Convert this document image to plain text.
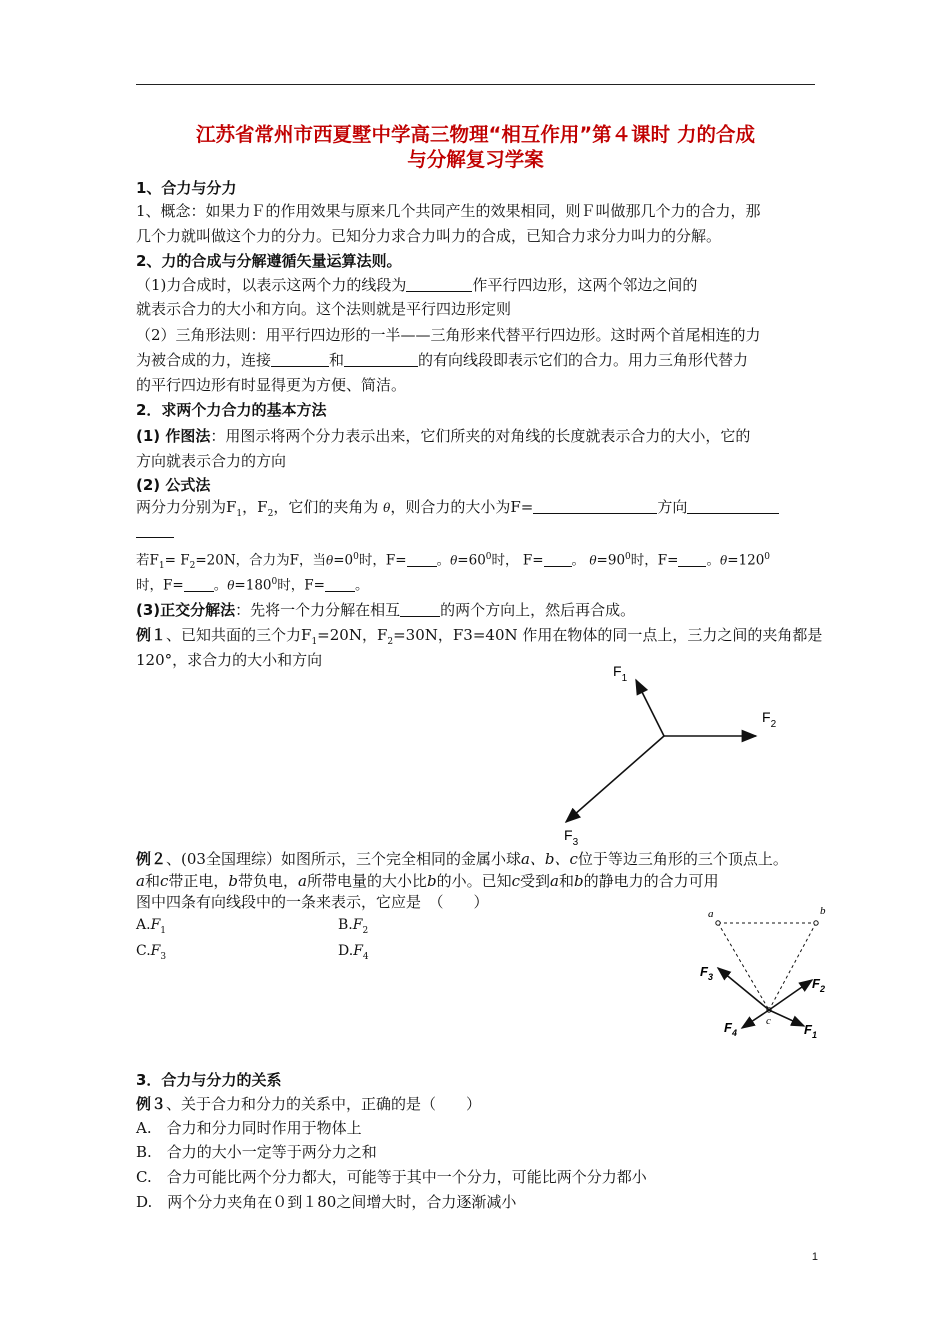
江苏省常州市西夏墅中学高三物理“相互作用”第４课时 力的合成
与分解复习学案
1、合力与分力
1、概念：如果力Ｆ的作用效果与原来几个共同产生的效果相同，则Ｆ叫做那几个力的合力，那
几个力就叫做这个力的分力。已知分力求合力叫力的合成，已知合力求分力叫力的分解。
2、力的合成与分解遵循矢量运算法则。
（1)力合成时，以表示这两个力的线段为	作平行四边形，这两个邻边之间的
就表示合力的大小和方向。这个法则就是平行四边形定则
（2）三角形法则：用平行四边形的一半——三角形来代替平行四边形。这时两个首尾相连的力
为被合成的力，连接	和	的有向线段即表示它们的合力。用力三角形代替力
的平行四边形有时显得更为方便、简洁。
2．求两个力合力的基本方法
(1) 作图法：用图示将两个分力表示出来，它们所夹的对角线的长度就表示合力的大小，它的
方向就表示合力的方向
(2) 公式法
两分力分别为$F_1$，$F_2$，它们的夹角为 θ，则合力的大小为F=	方向
若$F_1= F_2=20N$，合力为F，当$\theta=0^0$时，F= 。$\theta=60^0$时， F= 。 $\theta=90^0$时，F= 。$\theta=120^0$
时，F= 。$\theta=180^0$时，F= 。
(3)正交分解法：先将一个力分解在相互	的两个方向上，然后再合成。
例１、已知共面的三个力$F_1=20N$，$F_2=30N$，F3=40N 作用在物体的同一点上，三力之间的夹角都是
120°，求合力的大小和方向
$F_1$
$F_2$
$F_3$
例２、(03全国理综）如图所示，三个完全相同的金属小球a、b、c位于等边三角形的三个顶点上。
a和c带正电，b带负电，a所带电量的大小比b的小。已知c受到a和b的静电力的合力可用
图中四条有向线段中的一条来表示，它应是　（　　）
$A.F_1$	$B.F_2$
$C.F_3$	$D.F_4$
a	b
c
$F_3$	$F_2$
$F_1$
$F_4$
3．合力与分力的关系
例３、关于合力和分力的关系中，正确的是（　　）
A.　合力和分力同时作用于物体上
B.　合力的大小一定等于两分力之和
C.　合力可能比两个分力都大，可能等于其中一个分力，可能比两个分力都小
D.　两个分力夹角在０到１80之间增大时，合力逐渐减小
1
